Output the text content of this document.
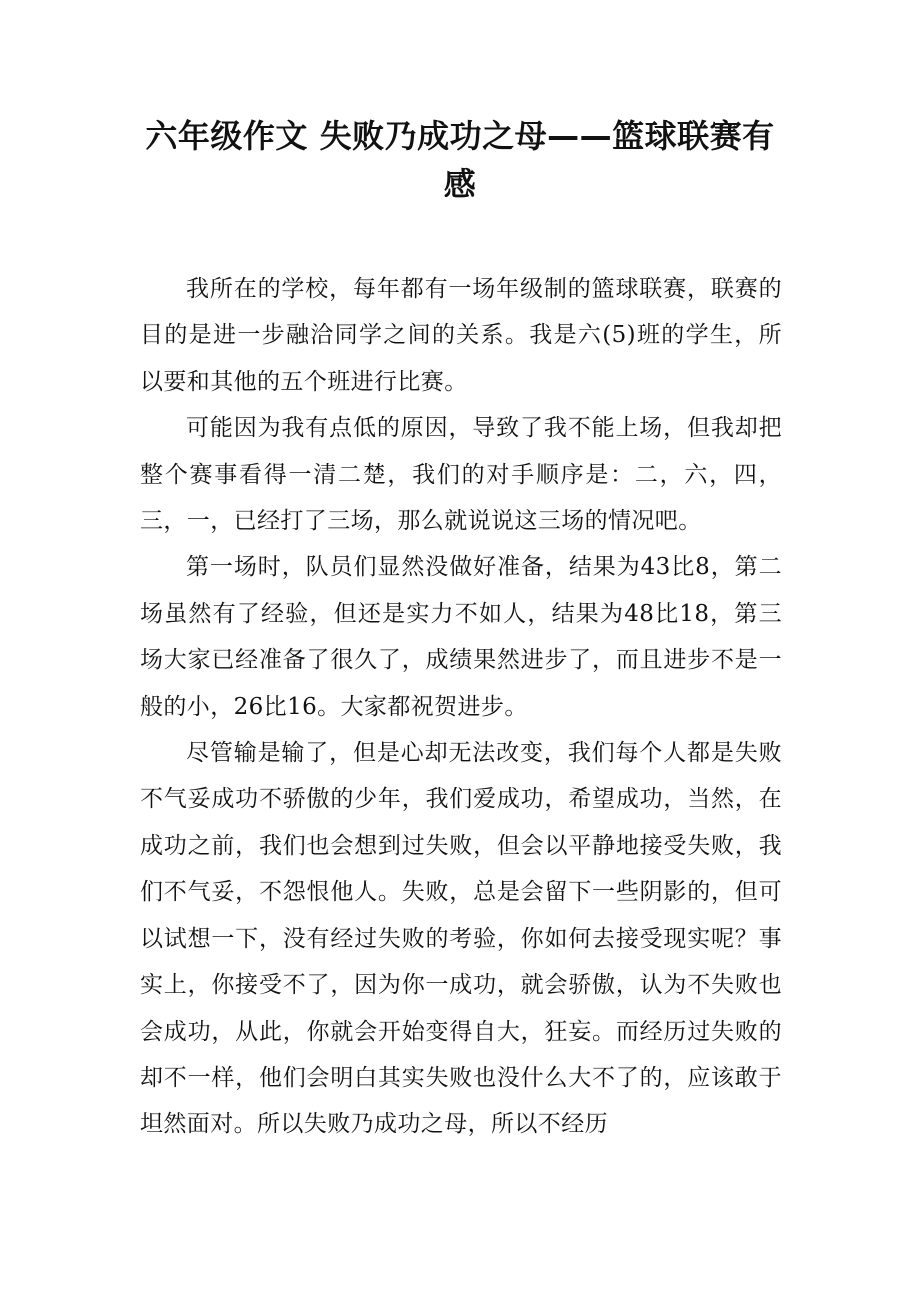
六年级作文 失败乃成功之母——篮球联赛有感

我所在的学校，每年都有一场年级制的篮球联赛，联赛的目的是进一步融洽同学之间的关系。我是六(5)班的学生，所以要和其他的五个班进行比赛。

可能因为我有点低的原因，导致了我不能上场，但我却把整个赛事看得一清二楚，我们的对手顺序是：二，六，四，三，一，已经打了三场，那么就说说这三场的情况吧。

第一场时，队员们显然没做好准备，结果为43比8，第二场虽然有了经验，但还是实力不如人，结果为48比18，第三场大家已经准备了很久了，成绩果然进步了，而且进步不是一般的小，26比16。大家都祝贺进步。

尽管输是输了，但是心却无法改变，我们每个人都是失败不气妥成功不骄傲的少年，我们爱成功，希望成功，当然，在成功之前，我们也会想到过失败，但会以平静地接受失败，我们不气妥，不怨恨他人。失败，总是会留下一些阴影的，但可以试想一下，没有经过失败的考验，你如何去接受现实呢？事实上，你接受不了，因为你一成功，就会骄傲，认为不失败也会成功，从此，你就会开始变得自大，狂妄。而经历过失败的却不一样，他们会明白其实失败也没什么大不了的，应该敢于坦然面对。所以失败乃成功之母，所以不经历
